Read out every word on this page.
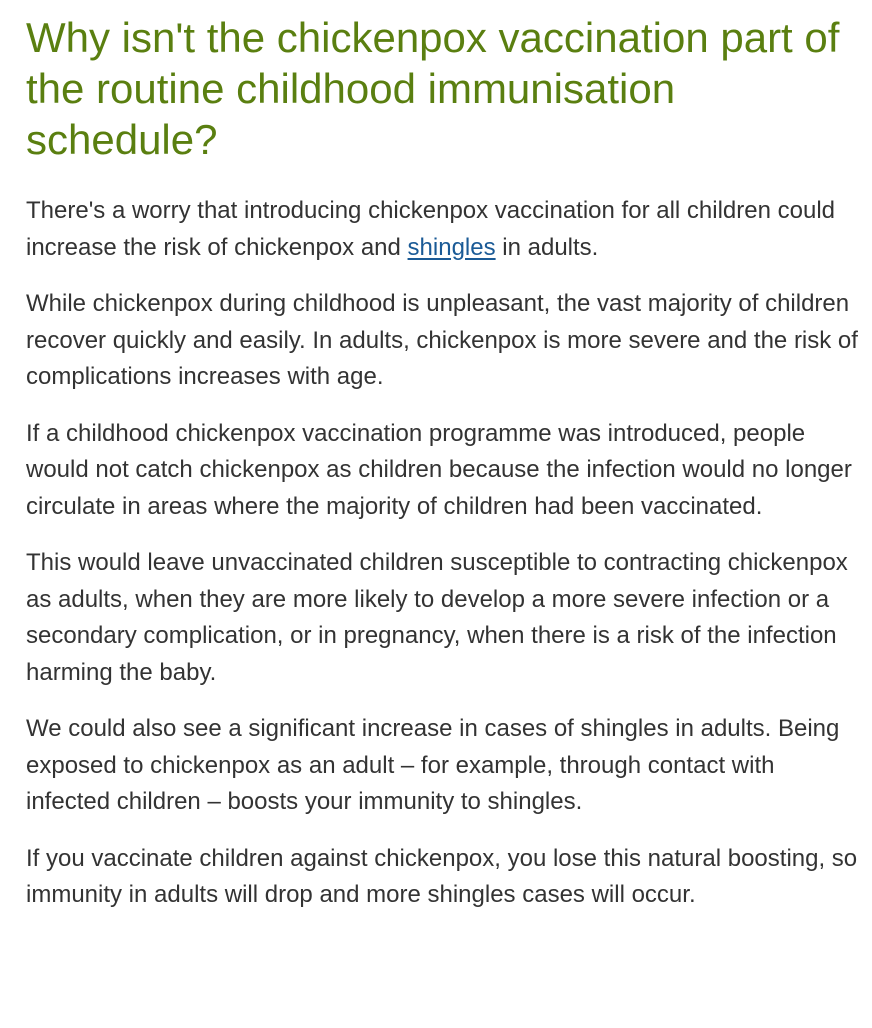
Why isn't the chickenpox vaccination part of the routine childhood immunisation schedule?

There's a worry that introducing chickenpox vaccination for all children could increase the risk of chickenpox and shingles in adults.

While chickenpox during childhood is unpleasant, the vast majority of children recover quickly and easily. In adults, chickenpox is more severe and the risk of complications increases with age.

If a childhood chickenpox vaccination programme was introduced, people would not catch chickenpox as children because the infection would no longer circulate in areas where the majority of children had been vaccinated.

This would leave unvaccinated children susceptible to contracting chickenpox as adults, when they are more likely to develop a more severe infection or a secondary complication, or in pregnancy, when there is a risk of the infection harming the baby.

We could also see a significant increase in cases of shingles in adults. Being exposed to chickenpox as an adult – for example, through contact with infected children – boosts your immunity to shingles.

If you vaccinate children against chickenpox, you lose this natural boosting, so immunity in adults will drop and more shingles cases will occur.
